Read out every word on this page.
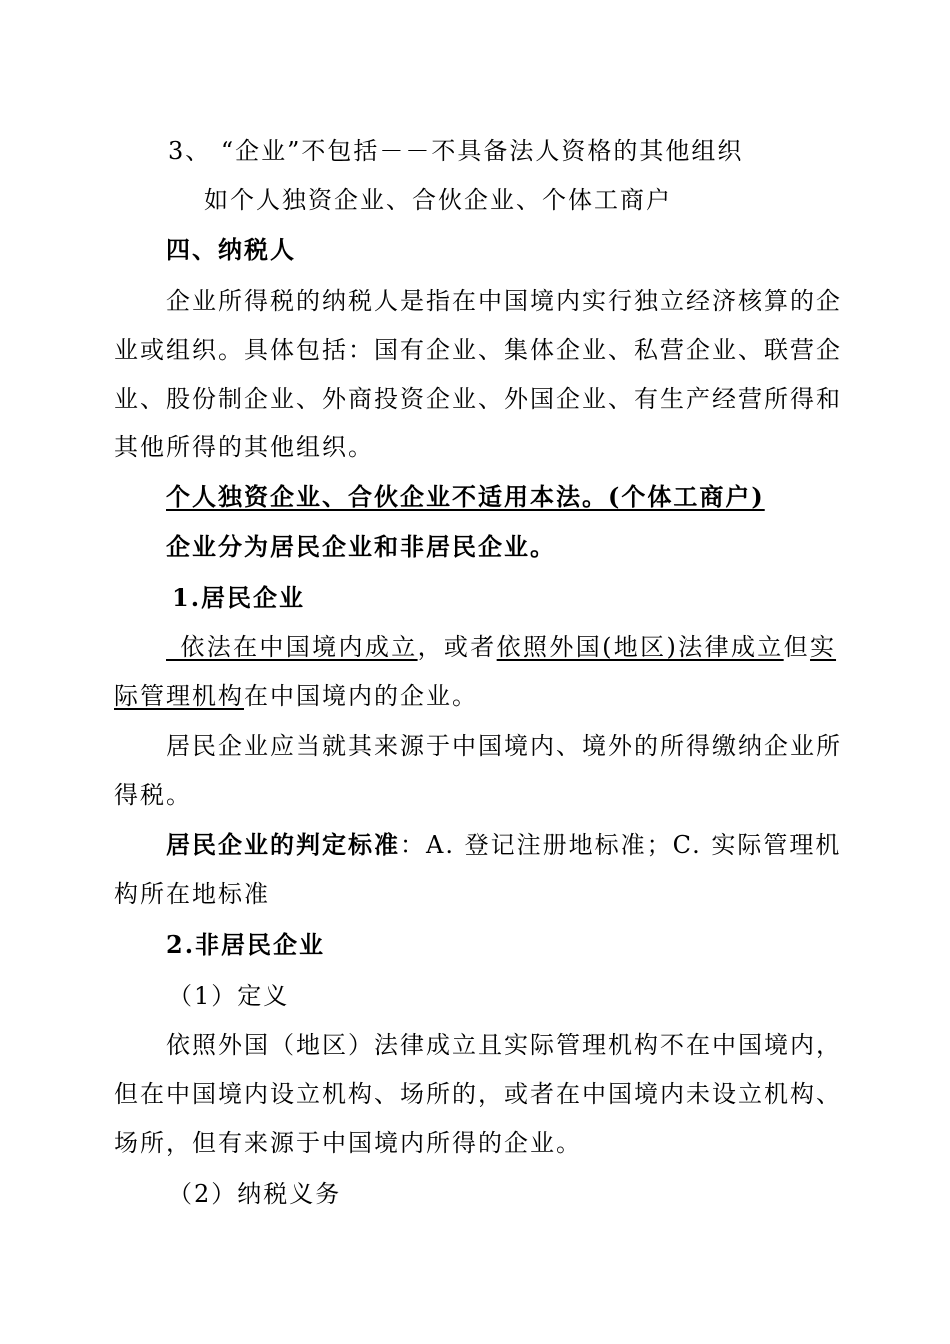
3、 “企业”不包括－－不具备法人资格的其他组织
如个人独资企业、合伙企业、个体工商户
四、纳税人
企业所得税的纳税人是指在中国境内实行独立经济核算的企
业或组织。具体包括：国有企业、集体企业、私营企业、联营企
业、股份制企业、外商投资企业、外国企业、有生产经营所得和
其他所得的其他组织。
个人独资企业、合伙企业不适用本法。(个体工商户)
企业分为居民企业和非居民企业。
1.居民企业
_依法在中国境内成立，或者依照外国(地区)法律成立但实
际管理机构在中国境内的企业。
居民企业应当就其来源于中国境内、境外的所得缴纳企业所
得税。
居民企业的判定标准：A. 登记注册地标准；C. 实际管理机
构所在地标准
2.非居民企业
（1）定义
依照外国（地区）法律成立且实际管理机构不在中国境内，
但在中国境内设立机构、场所的，或者在中国境内未设立机构、
场所，但有来源于中国境内所得的企业。
（2）纳税义务
